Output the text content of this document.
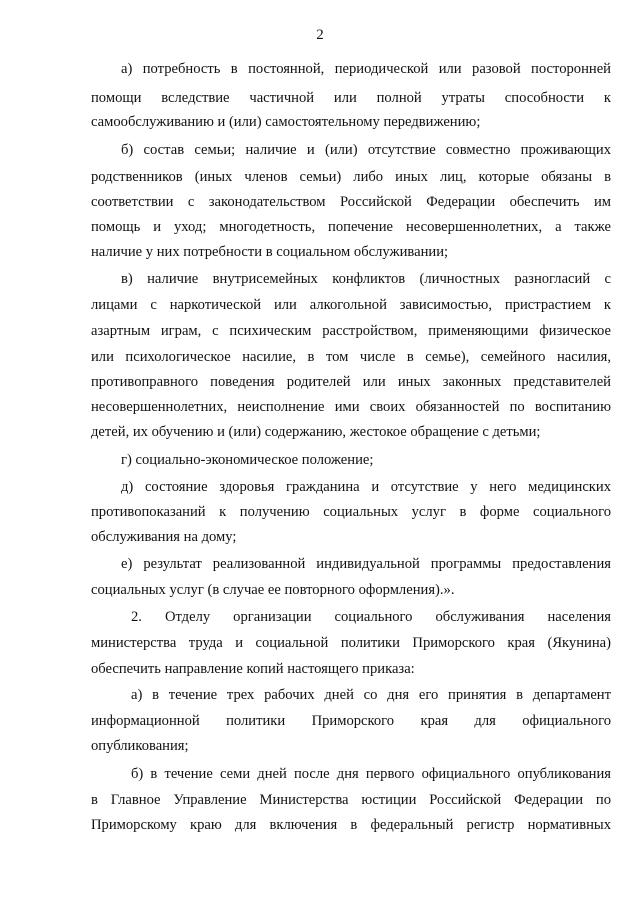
2
а) потребность в постоянной, периодической или разовой посторонней
помощи вследствие частичной или полной утраты способности к
самообслуживанию и (или) самостоятельному передвижению;
б) состав семьи; наличие и (или) отсутствие совместно проживающих
родственников (иных членов семьи) либо иных лиц, которые обязаны в
соответствии с законодательством Российской Федерации обеспечить им
помощь и уход; многодетность, попечение несовершеннолетних, а также
наличие у них потребности в социальном обслуживании;
в) наличие внутрисемейных конфликтов (личностных разногласий с
лицами с наркотической или алкогольной зависимостью, пристрастием к
азартным играм, с психическим расстройством, применяющими физическое
или психологическое насилие, в том числе в семье), семейного насилия,
противоправного поведения родителей или иных законных представителей
несовершеннолетних, неисполнение ими своих обязанностей по воспитанию
детей, их обучению и (или) содержанию, жестокое обращение с детьми;
г) социально-экономическое положение;
д) состояние здоровья гражданина и отсутствие у него медицинских
противопоказаний к получению социальных услуг в форме социального
обслуживания на дому;
е) результат реализованной индивидуальной программы предоставления
социальных услуг (в случае ее повторного оформления).».
2. Отделу организации социального обслуживания населения
министерства труда и социальной политики Приморского края (Якунина)
обеспечить направление копий настоящего приказа:
а) в течение трех рабочих дней со дня его принятия в департамент
информационной политики Приморского края для официального
опубликования;
б) в течение семи дней после дня первого официального опубликования
в Главное Управление Министерства юстиции Российской Федерации по
Приморскому краю для включения в федеральный регистр нормативных
